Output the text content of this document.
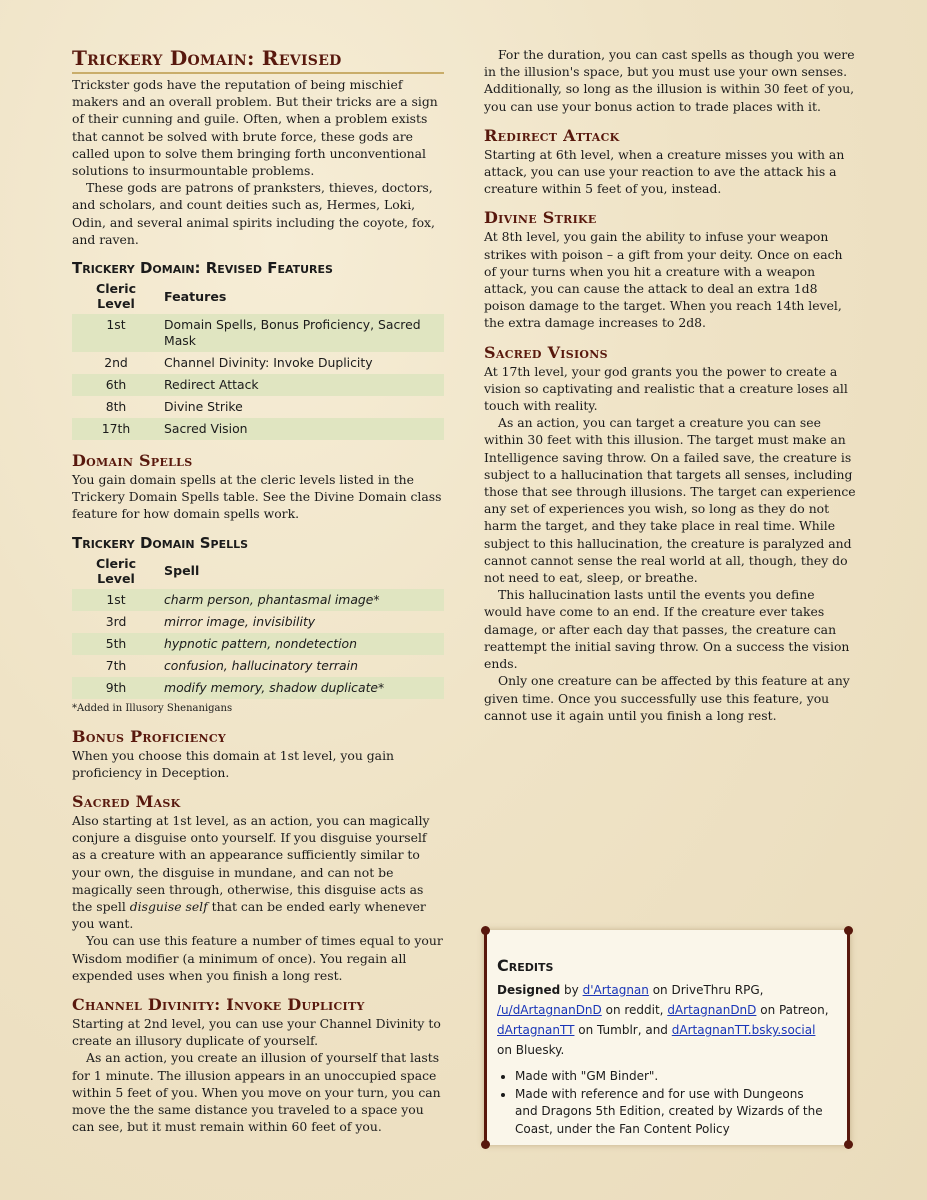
Trickery Domain: Revised

Trickster gods have the reputation of being mischief makers and an overall problem. But their tricks are a sign of their cunning and guile. Often, when a problem exists that cannot be solved with brute force, these gods are called upon to solve them bringing forth unconventional solutions to insurmountable problems.

These gods are patrons of pranksters, thieves, doctors, and scholars, and count deities such as, Hermes, Loki, Odin, and several animal spirits including the coyote, fox, and raven.

Trickery Domain: Revised Features
Cleric Level	Features
1st	Domain Spells, Bonus Proficiency, Sacred Mask
2nd	Channel Divinity: Invoke Duplicity
6th	Redirect Attack
8th	Divine Strike
17th	Sacred Vision
Domain Spells

You gain domain spells at the cleric levels listed in the Trickery Domain Spells table. See the Divine Domain class feature for how domain spells work.

Trickery Domain Spells
Cleric Level	Spell
1st	charm person, phantasmal image*
3rd	mirror image, invisibility
5th	hypnotic pattern, nondetection
7th	confusion, hallucinatory terrain
9th	modify memory, shadow duplicate*
*Added in Illusory Shenanigans
Bonus Proficiency

When you choose this domain at 1st level, you gain proficiency in Deception.

Sacred Mask

Also starting at 1st level, as an action, you can magically conjure a disguise onto yourself. If you disguise yourself as a creature with an appearance sufficiently similar to your own, the disguise in mundane, and can not be magically seen through, otherwise, this disguise acts as the spell disguise self that can be ended early whenever you want.

You can use this feature a number of times equal to your Wisdom modifier (a minimum of once). You regain all expended uses when you finish a long rest.

Channel Divinity: Invoke Duplicity

Starting at 2nd level, you can use your Channel Divinity to create an illusory duplicate of yourself.

As an action, you create an illusion of yourself that lasts for 1 minute. The illusion appears in an unoccupied space within 5 feet of you. When you move on your turn, you can move the the same distance you traveled to a space you can see, but it must remain within 60 feet of you.

For the duration, you can cast spells as though you were in the illusion's space, but you must use your own senses. Additionally, so long as the illusion is within 30 feet of you, you can use your bonus action to trade places with it.

Redirect Attack

Starting at 6th level, when a creature misses you with an attack, you can use your reaction to ave the attack his a creature within 5 feet of you, instead.

Divine Strike

At 8th level, you gain the ability to infuse your weapon strikes with poison – a gift from your deity. Once on each of your turns when you hit a creature with a weapon attack, you can cause the attack to deal an extra 1d8 poison damage to the target. When you reach 14th level, the extra damage increases to 2d8.

Sacred Visions

At 17th level, your god grants you the power to create a vision so captivating and realistic that a creature loses all touch with reality.

As an action, you can target a creature you can see within 30 feet with this illusion. The target must make an Intelligence saving throw. On a failed save, the creature is subject to a hallucination that targets all senses, including those that see through illusions. The target can experience any set of experiences you wish, so long as they do not harm the target, and they take place in real time. While subject to this hallucination, the creature is paralyzed and cannot cannot sense the real world at all, though, they do not need to eat, sleep, or breathe.

This hallucination lasts until the events you define would have come to an end. If the creature ever takes damage, or after each day that passes, the creature can reattempt the initial saving throw. On a success the vision ends.

Only one creature can be affected by this feature at any given time. Once you successfully use this feature, you cannot use it again until you finish a long rest.

Credits

Designed by d'Artagnan on DriveThru RPG, /u/dArtagnanDnD on reddit, dArtagnanDnD on Patreon, dArtagnanTT on Tumblr, and dArtagnanTT.bsky.social on Bluesky.

• Made with "GM Binder".
• Made with reference and for use with Dungeons and Dragons 5th Edition, created by Wizards of the Coast, under the Fan Content Policy
